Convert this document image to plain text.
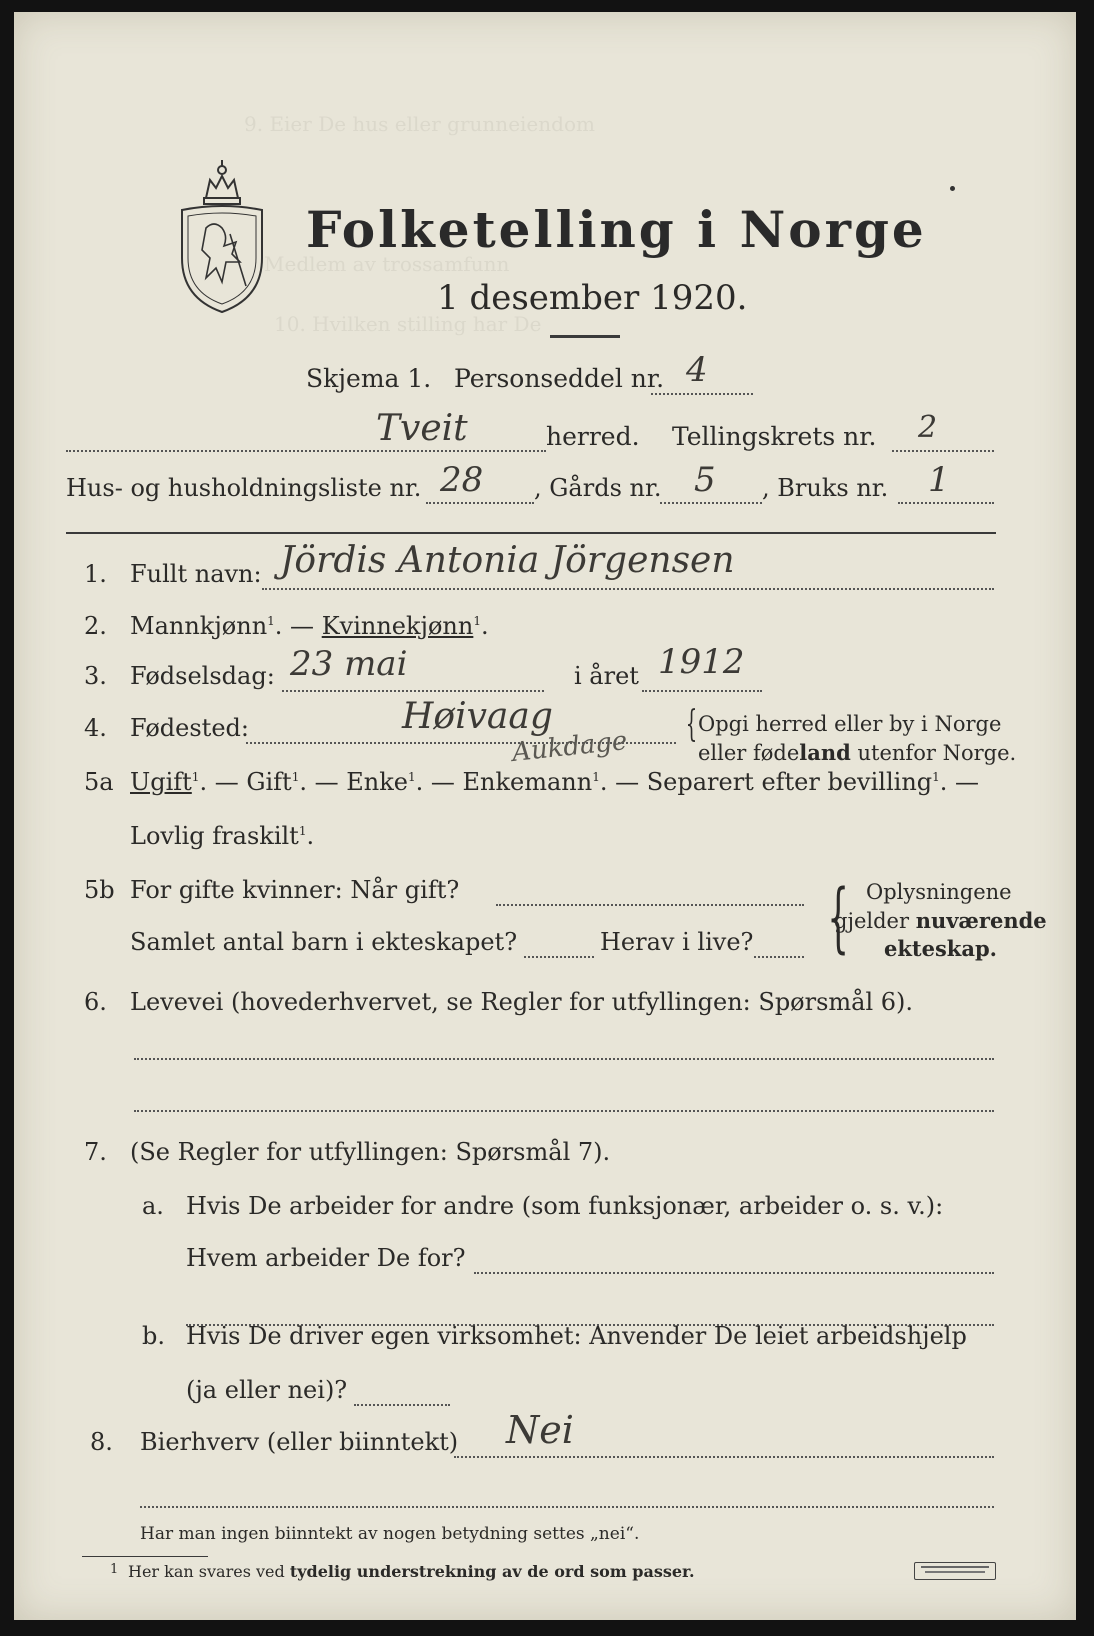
9. Eier De hus eller grunneiendom
Medlem av trossamfunn
10. Hvilken stilling har De
Folketelling i Norge
1 desember 1920.
Skjema 1. Personseddel nr. 4
Tveit	herred. Tellingskrets nr. 2
Hus- og husholdningsliste nr. 28 , Gårds nr. 5 , Bruks nr. 1
1. Fullt navn: Jördis Antonia Jörgensen
2. Mannkjønn$^1$. — Kvinnekjønn$^1$.
3. Fødselsdag: 23 mai	i året 1912
4. Fødested:	Høivaag
Aukdage
{ Opgi herred eller by i Norge
eller fødeland utenfor Norge.
5a Ugift$^1$. — Gift$^1$. — Enke$^1$. — Enkemann$^1$. — Separert efter bevilling$^1$. —
Lovlig fraskilt$^1$.
5b For gifte kvinner: Når gift?
Samlet antal barn i ekteskapet?	Herav i live? { Oplysningene
gjelder nuværende
ekteskap.
6. Levevei (hovederhvervet, se Regler for utfyllingen: Spørsmål 6).
7. (Se Regler for utfyllingen: Spørsmål 7).
a. Hvis De arbeider for andre (som funksjonær, arbeider o. s. v.):
Hvem arbeider De for?
b. Hvis De driver egen virksomhet: Anvender De leiet arbeidshjelp
(ja eller nei)?
8. Bierhverv (eller biinntekt) Nei
Har man ingen biinntekt av nogen betydning settes „nei“.
1 Her kan svares ved tydelig understrekning av de ord som passer.
